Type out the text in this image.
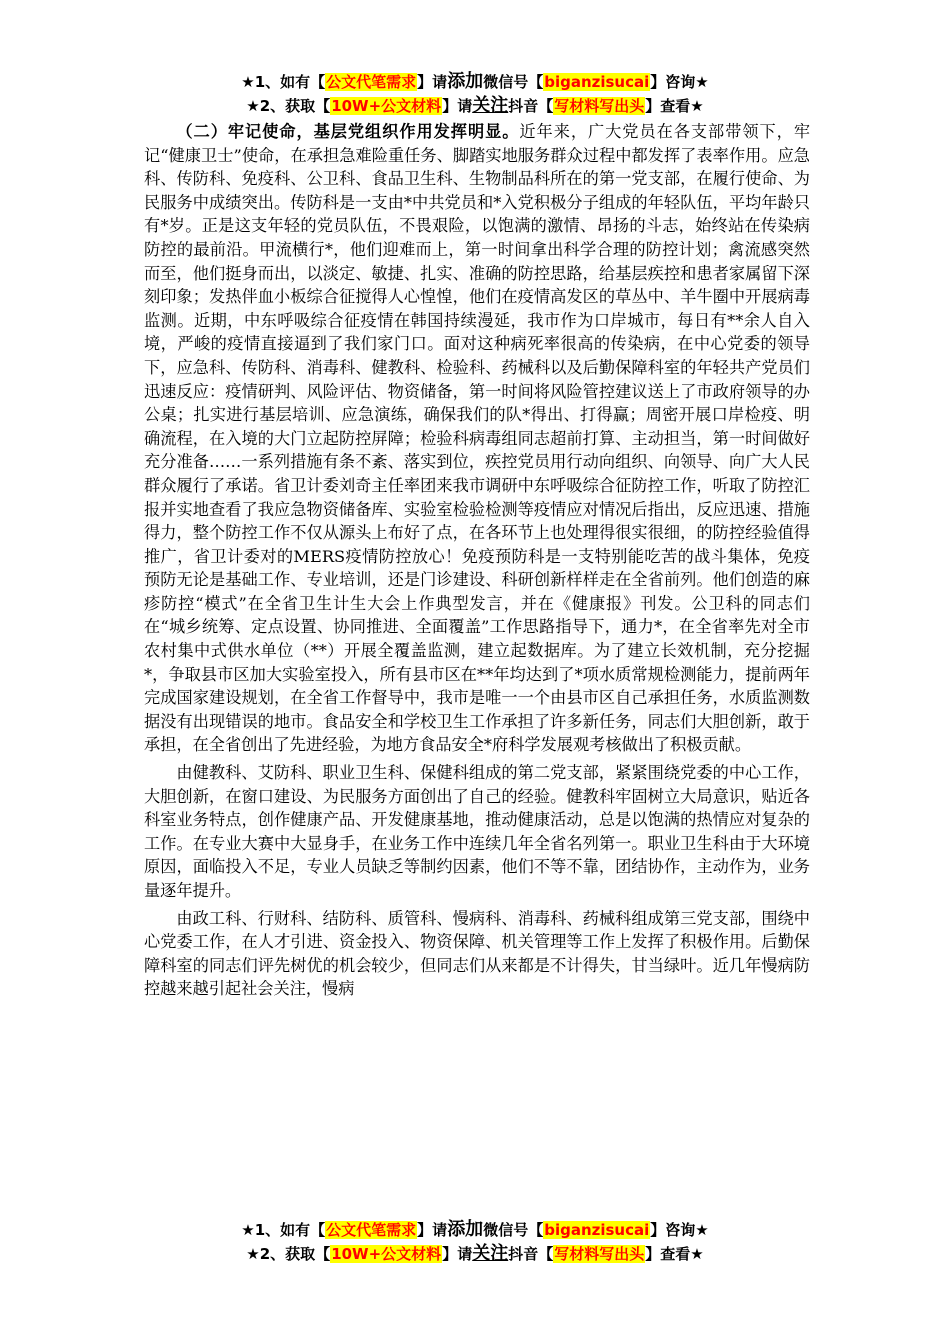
★1、如有【公文代笔需求】请添加微信号【biganzisucai】咨询★
★2、获取【10W+公文材料】请关注抖音【写材料写出头】查看★

（二）牢记使命，基层党组织作用发挥明显。近年来，广大党员在各支部带领下，牢记“健康卫士”使命，在承担急难险重任务、脚踏实地服务群众过程中都发挥了表率作用。应急科、传防科、免疫科、公卫科、食品卫生科、生物制品科所在的第一党支部，在履行使命、为民服务中成绩突出。传防科是一支由*中共党员和*入党积极分子组成的年轻队伍，平均年龄只有*岁。正是这支年轻的党员队伍，不畏艰险，以饱满的激情、昂扬的斗志，始终站在传染病防控的最前沿。甲流横行*，他们迎难而上，第一时间拿出科学合理的防控计划；禽流感突然而至，他们挺身而出，以淡定、敏捷、扎实、准确的防控思路，给基层疾控和患者家属留下深刻印象；发热伴血小板综合征搅得人心惶惶，他们在疫情高发区的草丛中、羊牛圈中开展病毒监测。近期，中东呼吸综合征疫情在韩国持续漫延，我市作为口岸城市，每日有**余人自入境，严峻的疫情直接逼到了我们家门口。面对这种病死率很高的传染病，在中心党委的领导下，应急科、传防科、消毒科、健教科、检验科、药械科以及后勤保障科室的年轻共产党员们迅速反应：疫情研判、风险评估、物资储备，第一时间将风险管控建议送上了市政府领导的办公桌；扎实进行基层培训、应急演练，确保我们的队*得出、打得赢；周密开展口岸检疫、明确流程，在入境的大门立起防控屏障；检验科病毒组同志超前打算、主动担当，第一时间做好充分准备……一系列措施有条不紊、落实到位，疾控党员用行动向组织、向领导、向广大人民群众履行了承诺。省卫计委刘奇主任率团来我市调研中东呼吸综合征防控工作，听取了防控汇报并实地查看了我应急物资储备库、实验室检验检测等疫情应对情况后指出，反应迅速、措施得力，整个防控工作不仅从源头上布好了点，在各环节上也处理得很实很细，的防控经验值得推广，省卫计委对的MERS疫情防控放心！免疫预防科是一支特别能吃苦的战斗集体，免疫预防无论是基础工作、专业培训，还是门诊建设、科研创新样样走在全省前列。他们创造的麻疹防控“模式”在全省卫生计生大会上作典型发言，并在《健康报》刊发。公卫科的同志们在“城乡统筹、定点设置、协同推进、全面覆盖”工作思路指导下，通力*，在全省率先对全市农村集中式供水单位（**）开展全覆盖监测，建立起数据库。为了建立长效机制，充分挖掘*，争取县市区加大实验室投入，所有县市区在**年均达到了*项水质常规检测能力，提前两年完成国家建设规划，在全省工作督导中，我市是唯一一个由县市区自己承担任务，水质监测数据没有出现错误的地市。食品安全和学校卫生工作承担了许多新任务，同志们大胆创新，敢于承担，在全省创出了先进经验，为地方食品安全*府科学发展观考核做出了积极贡献。

由健教科、艾防科、职业卫生科、保健科组成的第二党支部，紧紧围绕党委的中心工作，大胆创新，在窗口建设、为民服务方面创出了自己的经验。健教科牢固树立大局意识，贴近各科室业务特点，创作健康产品、开发健康基地，推动健康活动，总是以饱满的热情应对复杂的工作。在专业大赛中大显身手，在业务工作中连续几年全省名列第一。职业卫生科由于大环境原因，面临投入不足，专业人员缺乏等制约因素，他们不等不靠，团结协作，主动作为，业务量逐年提升。

由政工科、行财科、结防科、质管科、慢病科、消毒科、药械科组成第三党支部，围绕中心党委工作，在人才引进、资金投入、物资保障、机关管理等工作上发挥了积极作用。后勤保障科室的同志们评先树优的机会较少，但同志们从来都是不计得失，甘当绿叶。近几年慢病防控越来越引起社会关注，慢病

★1、如有【公文代笔需求】请添加微信号【biganzisucai】咨询★
★2、获取【10W+公文材料】请关注抖音【写材料写出头】查看★
